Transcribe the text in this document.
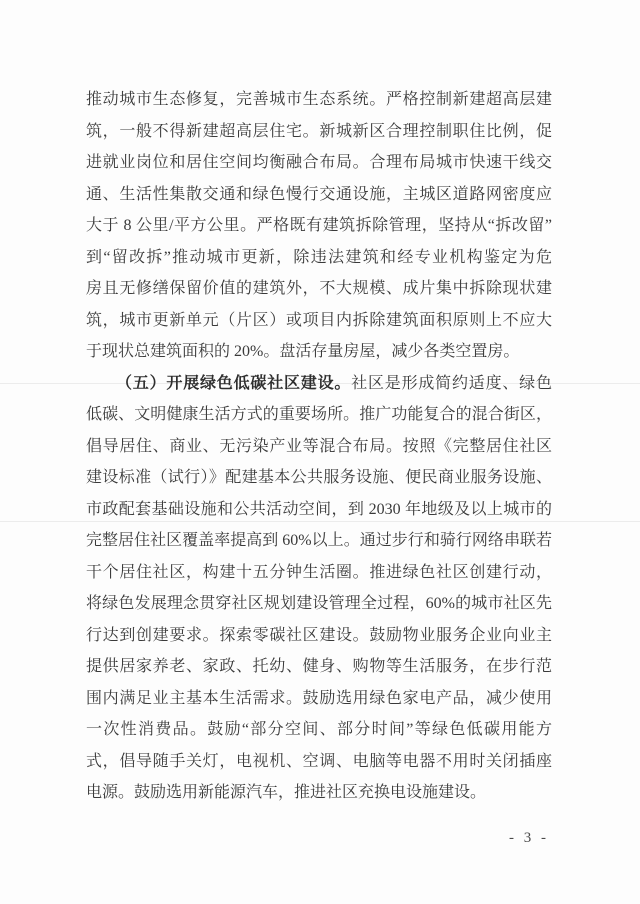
推动城市生态修复，完善城市生态系统。严格控制新建超高层建
筑，一般不得新建超高层住宅。新城新区合理控制职住比例，促
进就业岗位和居住空间均衡融合布局。合理布局城市快速干线交
通、生活性集散交通和绿色慢行交通设施，主城区道路网密度应
大于 8 公里/平方公里。严格既有建筑拆除管理，坚持从“拆改留”
到“留改拆”推动城市更新，除违法建筑和经专业机构鉴定为危
房且无修缮保留价值的建筑外，不大规模、成片集中拆除现状建
筑，城市更新单元（片区）或项目内拆除建筑面积原则上不应大
于现状总建筑面积的 20%。盘活存量房屋，减少各类空置房。
（五）开展绿色低碳社区建设。社区是形成简约适度、绿色
低碳、文明健康生活方式的重要场所。推广功能复合的混合街区，
倡导居住、商业、无污染产业等混合布局。按照《完整居住社区
建设标准（试行）》配建基本公共服务设施、便民商业服务设施、
市政配套基础设施和公共活动空间，到 2030 年地级及以上城市的
完整居住社区覆盖率提高到 60%以上。通过步行和骑行网络串联若
干个居住社区，构建十五分钟生活圈。推进绿色社区创建行动，
将绿色发展理念贯穿社区规划建设管理全过程，60%的城市社区先
行达到创建要求。探索零碳社区建设。鼓励物业服务企业向业主
提供居家养老、家政、托幼、健身、购物等生活服务，在步行范
围内满足业主基本生活需求。鼓励选用绿色家电产品，减少使用
一次性消费品。鼓励“部分空间、部分时间”等绿色低碳用能方
式，倡导随手关灯，电视机、空调、电脑等电器不用时关闭插座
电源。鼓励选用新能源汽车，推进社区充换电设施建设。
- 3 -
